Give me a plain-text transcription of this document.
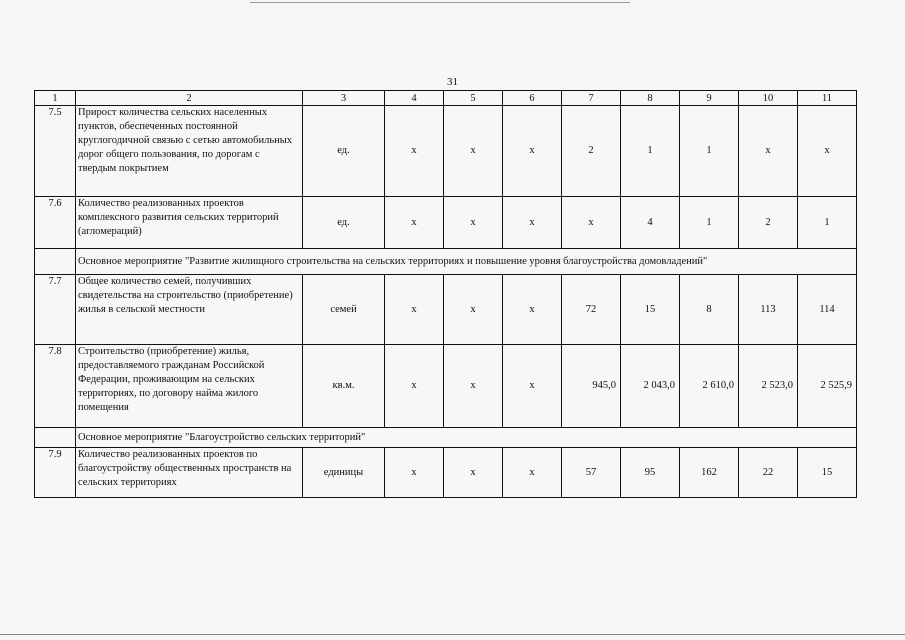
31
1	2	3	4	5	6	7	8	9	10	11
7.5	Прирост количества сельских населенных пунктов, обеспеченных постоянной круглогодичной связью с сетью автомобильных дорог общего пользования, по дорогам с твердым покрытием	ед.	x	x	x	2	1	1	x	x
7.6	Количество реализованных проектов комплексного развития сельских территорий (агломераций)	ед.	x	x	x	x	4	1	2	1
	Основное мероприятие "Развитие жилищного строительства на сельских территориях и повышение уровня благоустройства домовладений"									
7.7	Общее количество семей, получивших свидетельства на строительство (приобретение) жилья в сельской местности	семей	x	x	x	72	15	8	113	114
7.8	Строительство (приобретение) жилья, предоставляемого гражданам Российской Федерации, проживающим на сельских территориях, по договору найма жилого помещения	кв.м.	x	x	x	945,0	2 043,0	2 610,0	2 523,0	2 525,9
	Основное мероприятие "Благоустройство сельских территорий"									
7.9	Количество реализованных проектов по благоустройству общественных пространств на сельских территориях	единицы	x	x	x	57	95	162	22	15
